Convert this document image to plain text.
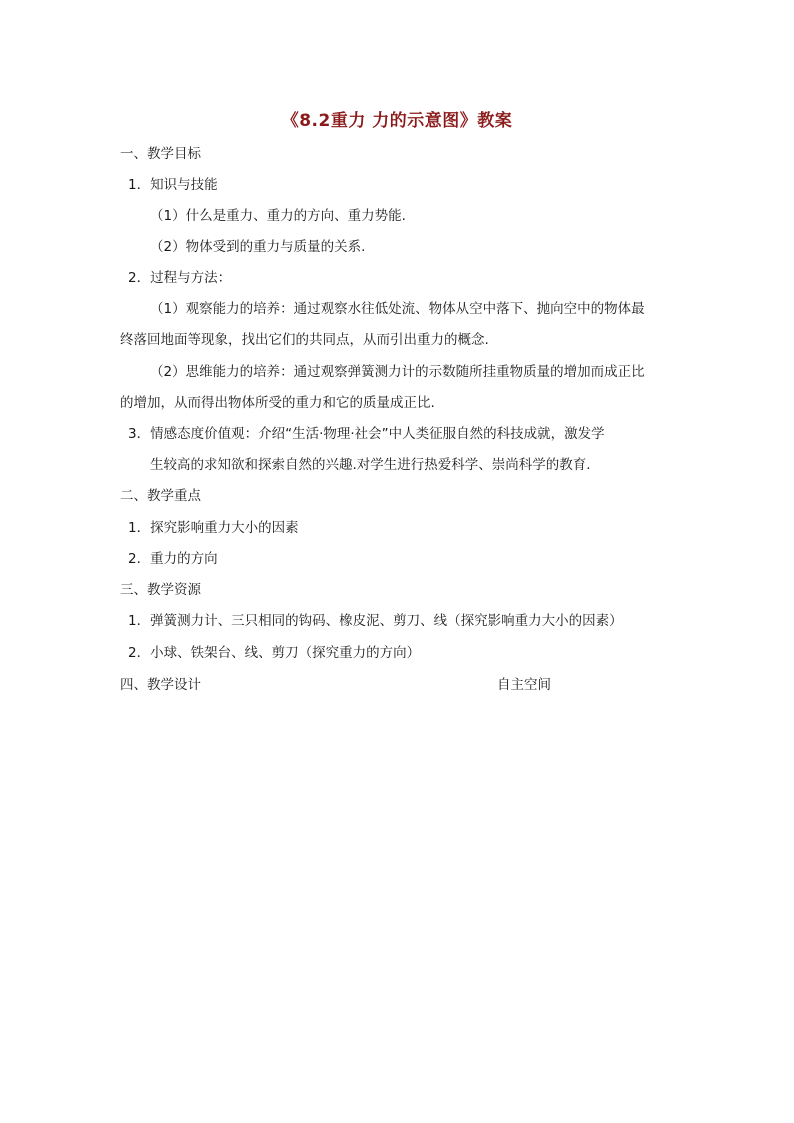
《8.2重力 力的示意图》教案
一、教学目标
1．知识与技能
（1）什么是重力、重力的方向、重力势能.
（2）物体受到的重力与质量的关系.
2．过程与方法：
（1）观察能力的培养：通过观察水往低处流、物体从空中落下、抛向空中的物体最
终落回地面等现象，找出它们的共同点，从而引出重力的概念.
（2）思维能力的培养：通过观察弹簧测力计的示数随所挂重物质量的增加而成正比
的增加，从而得出物体所受的重力和它的质量成正比.
3．情感态度价值观：介绍“生活·物理·社会”中人类征服自然的科技成就，激发学
生较高的求知欲和探索自然的兴趣.对学生进行热爱科学、崇尚科学的教育.
二、教学重点
1．探究影响重力大小的因素
2．重力的方向
三、教学资源
1．弹簧测力计、三只相同的钩码、橡皮泥、剪刀、线（探究影响重力大小的因素）
2．小球、铁架台、线、剪刀（探究重力的方向）
四、教学设计	自主空间
